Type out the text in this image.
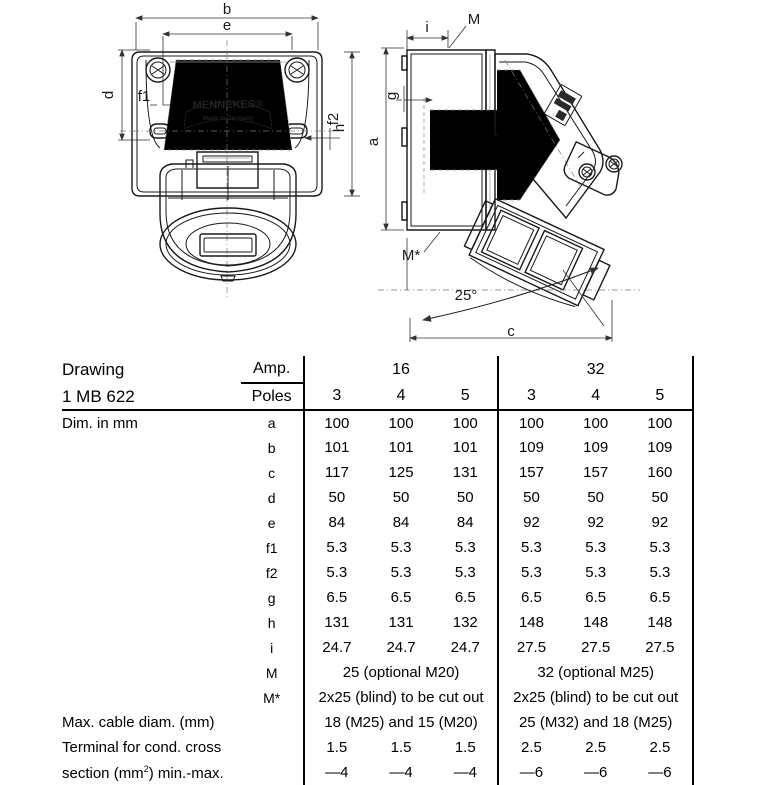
MENNEKES®
Made in Germany
b
e
d f1
f2
i	M
g
a
h
M*
c
25°
Drawing	Amp.	16			32		
1 MB 622	Poles	3	4	5	3	4	5
Dim. in mm	a	100	100	100	100	100	100
	b	101	101	101	109	109	109
	c	117	125	131	157	157	160
	d	50	50	50	50	50	50
	e	84	84	84	92	92	92
	f1	5.3	5.3	5.3	5.3	5.3	5.3
	f2	5.3	5.3	5.3	5.3	5.3	5.3
	g	6.5	6.5	6.5	6.5	6.5	6.5
	h	131	131	132	148	148	148
	i	24.7	24.7	24.7	27.5	27.5	27.5
	M	25 (optional M20)			32 (optional M25)		
	M*	2x25 (blind) to be cut out			2x25 (blind) to be cut out		
Max. cable diam. (mm)		18 (M25) and 15 (M20)			25 (M32) and 18 (M25)		
Terminal for cond. cross		1.5	1.5	1.5	2.5	2.5	2.5
section $(mm^2)$ min.-max.		—4	—4	—4	—6	—6	—6
